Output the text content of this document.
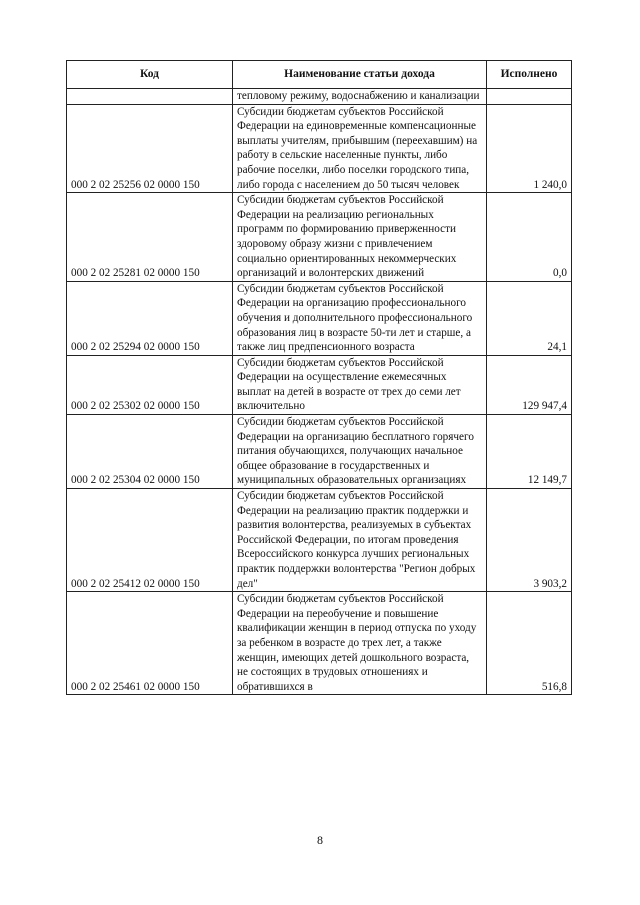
Код	Наименование статьи дохода	Исполнено
	тепловому режиму, водоснабжению и канализации	
000 2 02 25256 02 0000 150	Субсидии бюджетам субъектов Российской Федерации на единовременные компенсационные выплаты учителям, прибывшим (переехавшим) на работу в сельские населенные пункты, либо рабочие поселки, либо поселки городского типа, либо города с населением до 50 тысяч человек	1 240,0
000 2 02 25281 02 0000 150	Субсидии бюджетам субъектов Российской Федерации на реализацию региональных программ по формированию приверженности здоровому образу жизни с привлечением социально ориентированных некоммерческих организаций и волонтерских движений	0,0
000 2 02 25294 02 0000 150	Субсидии бюджетам субъектов Российской Федерации на организацию профессионального обучения и дополнительного профессионального образования лиц в возрасте 50-ти лет и старше, а также лиц предпенсионного возраста	24,1
000 2 02 25302 02 0000 150	Субсидии бюджетам субъектов Российской Федерации на осуществление ежемесячных выплат на детей в возрасте от трех до семи лет включительно	129 947,4
000 2 02 25304 02 0000 150	Субсидии бюджетам субъектов Российской Федерации на организацию бесплатного горячего питания обучающихся, получающих начальное общее образование в государственных и муниципальных образовательных организациях	12 149,7
000 2 02 25412 02 0000 150	Субсидии бюджетам субъектов Российской Федерации на реализацию практик поддержки и развития волонтерства, реализуемых в субъектах Российской Федерации, по итогам проведения Всероссийского конкурса лучших региональных практик поддержки волонтерства "Регион добрых дел"	3 903,2
000 2 02 25461 02 0000 150	Субсидии бюджетам субъектов Российской Федерации на переобучение и повышение квалификации женщин в период отпуска по уходу за ребенком в возрасте до трех лет, а также женщин, имеющих детей дошкольного возраста, не состоящих в трудовых отношениях и обратившихся в	516,8
8
